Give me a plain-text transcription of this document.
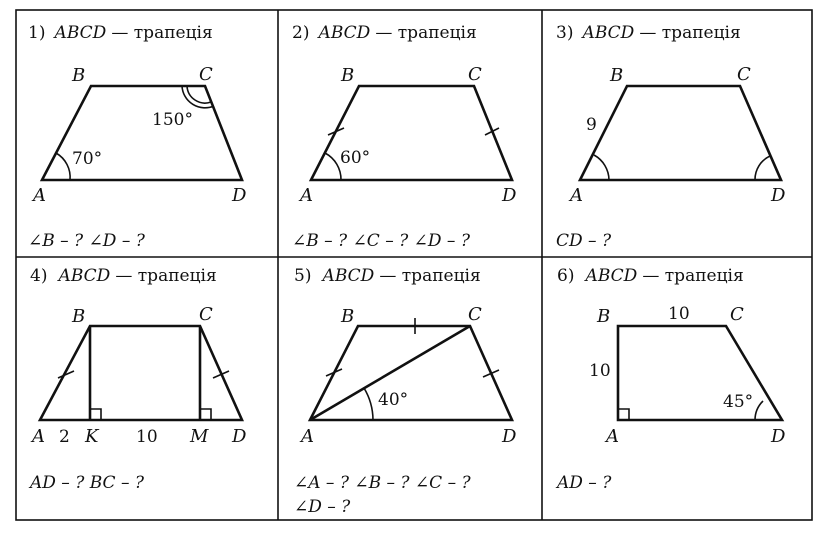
1) ABCD — трапеція
A
B	C
D
70°
150°
∠B – ? ∠D – ?
2) ABCD — трапеція
A
B	C
D
60°
∠B – ? ∠C – ? ∠D – ?
3) ABCD — трапеція
A
B	C
D
9
CD – ?
4) ABCD — трапеція
A
B	C
D
K	M
2	10
AD – ? BC – ?
5) ABCD — трапеція
A
B	C
D
40°
∠A – ? ∠B – ? ∠C – ?
∠D – ?
6) ABCD — трапеція
A
B	C
D
10
10
45°
AD – ?
